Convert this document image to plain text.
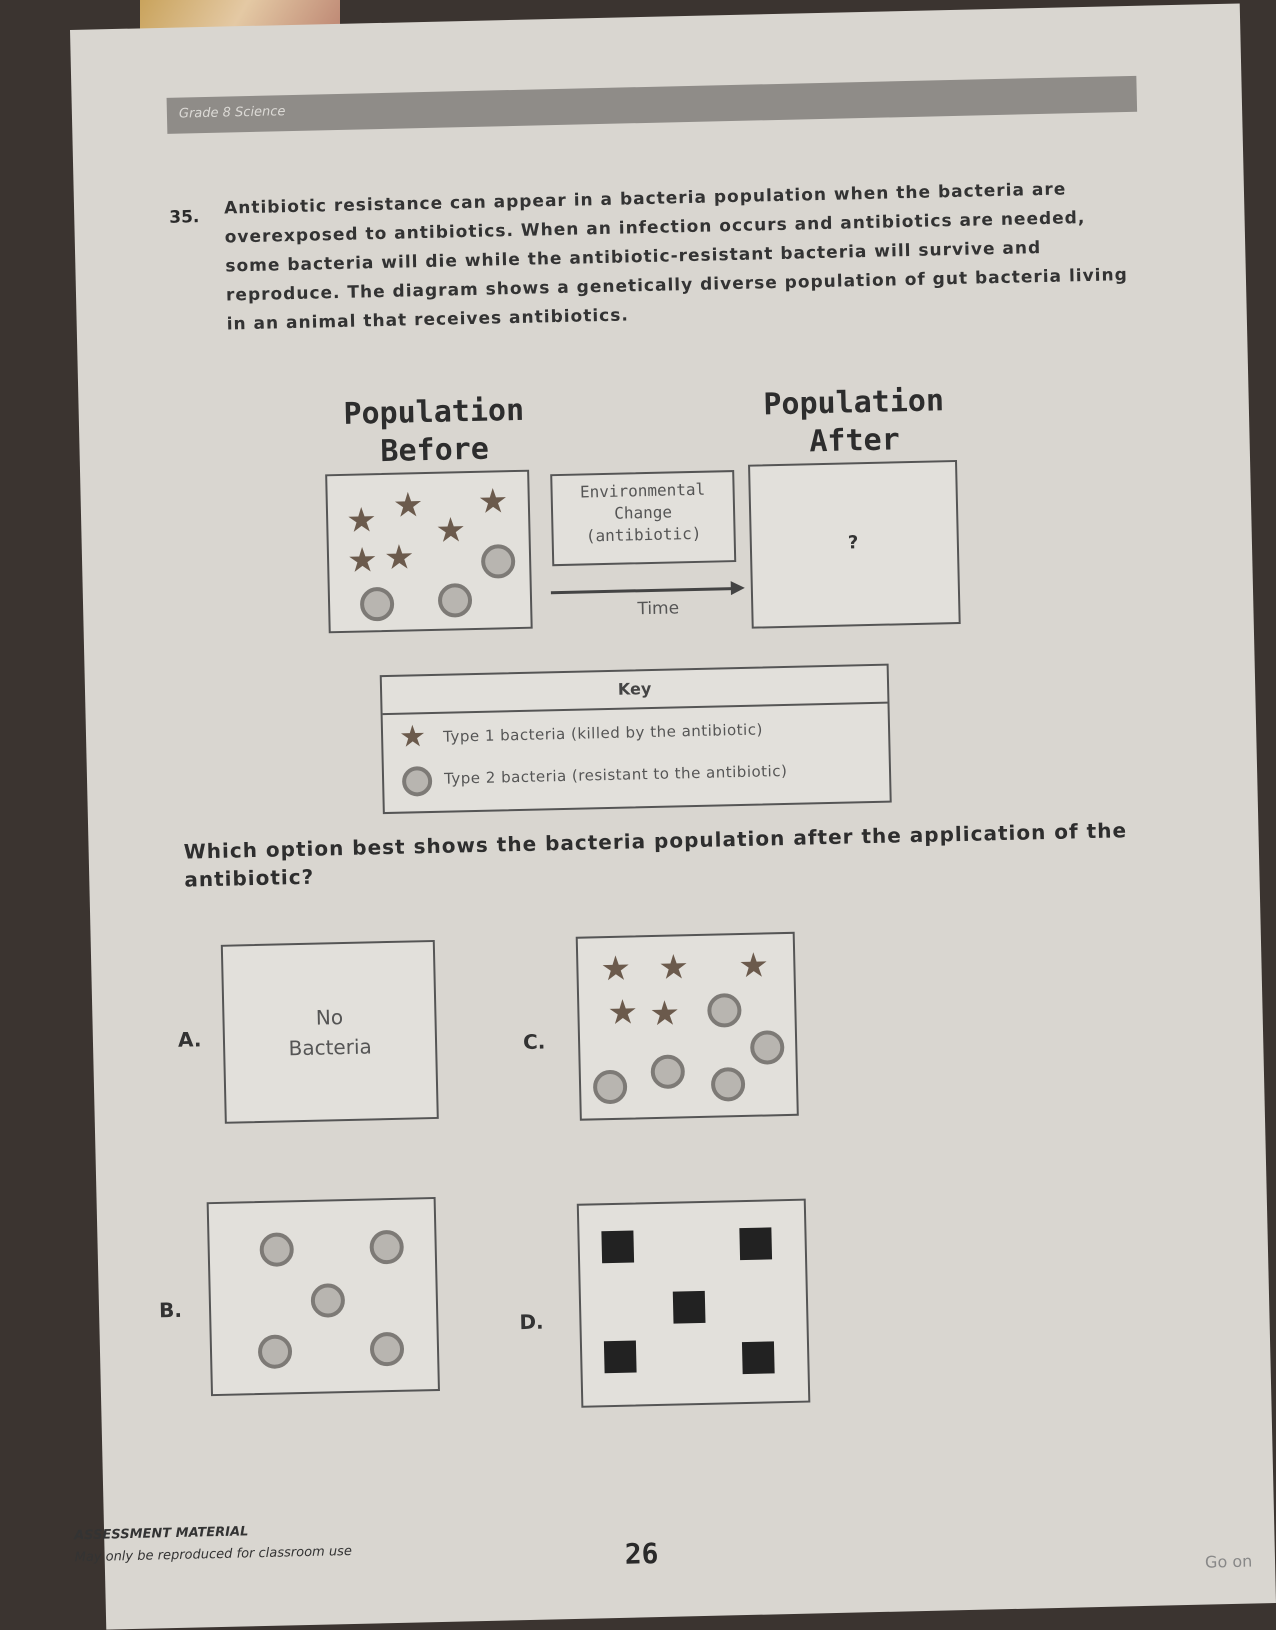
Grade 8 Science
35. Antibiotic resistance can appear in a bacteria population when the bacteria are overexposed to antibiotics. When an infection occurs and antibiotics are needed, some bacteria will die while the antibiotic-resistant bacteria will survive and reproduce. The diagram shows a genetically diverse population of gut bacteria living in an animal that receives antibiotics.
Population
Before
★ ★
★
★
★ ★
Environmental
Change
(antibiotic)
Time
Population
After
?
Key
★ Type 1 bacteria (killed by the antibiotic)
Type 2 bacteria (resistant to the antibiotic)
Which option best shows the bacteria population after the application of the antibiotic?
A.
No
Bacteria	C.
★ ★ ★
★ ★
B.	D.
ASSESSMENT MATERIAL
May only be reproduced for classroom use	26	Go on
